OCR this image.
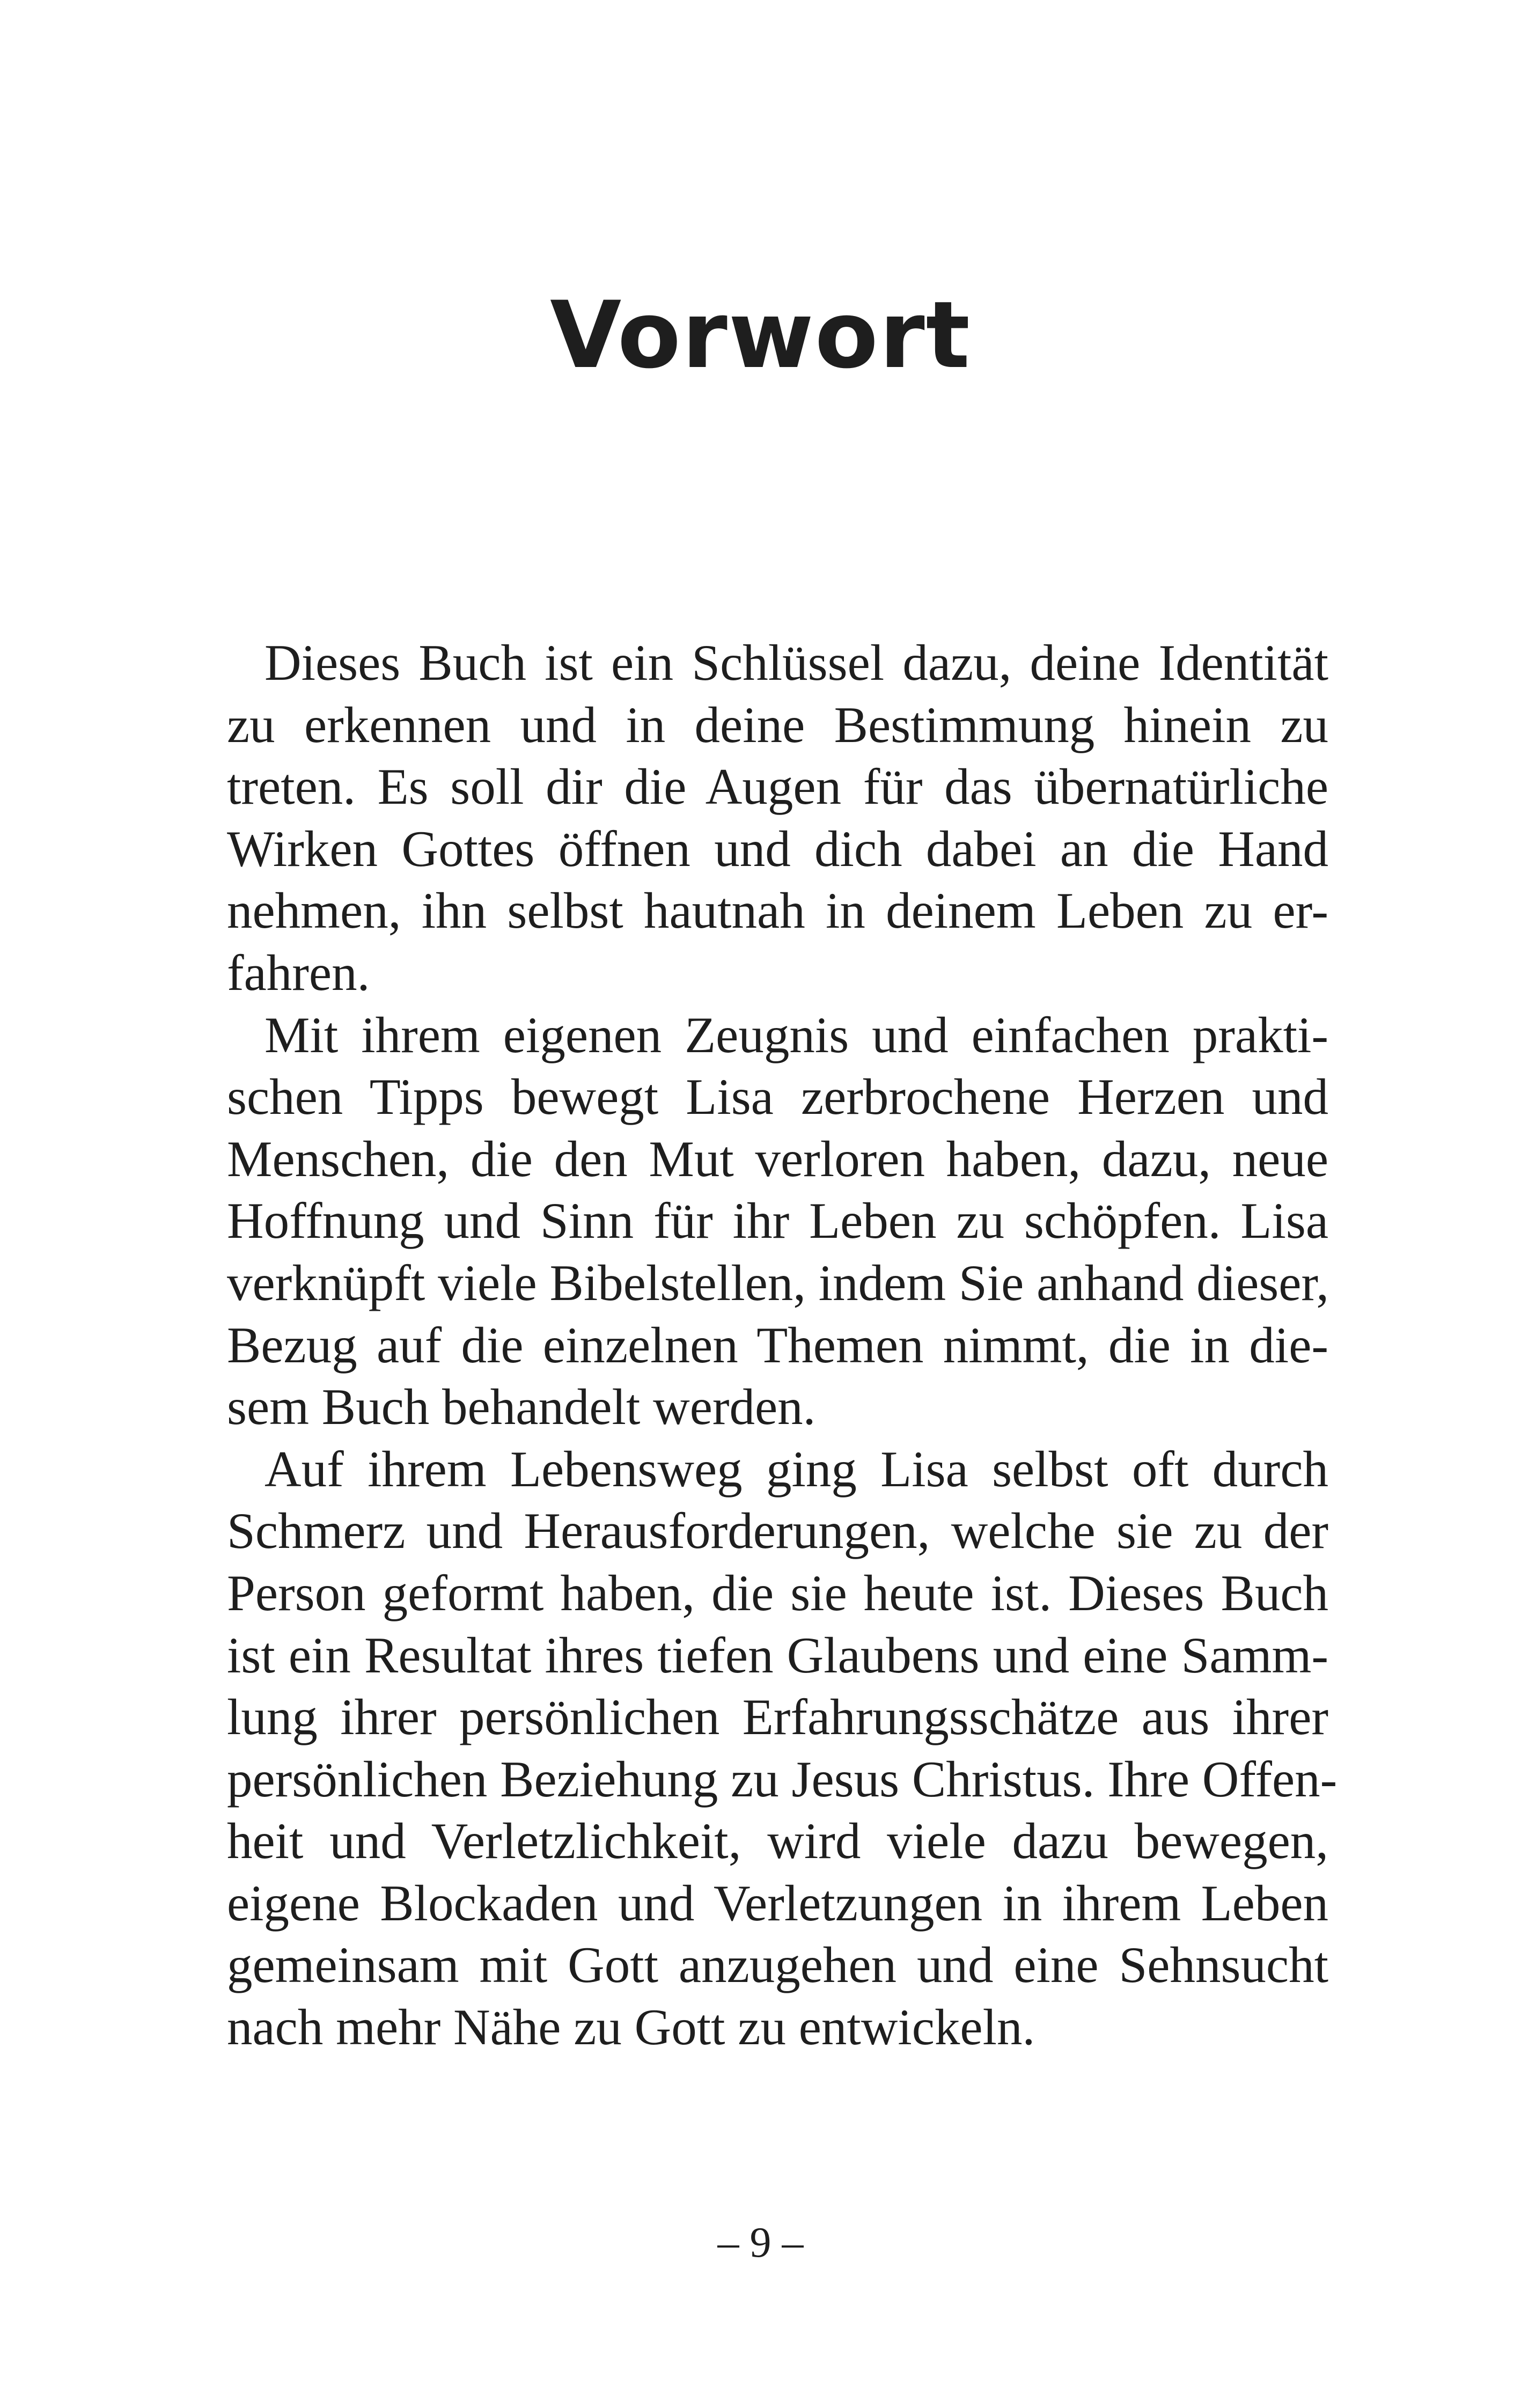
Vorwort

Dieses Buch ist ein Schlüssel dazu, deine Identität
zu erkennen und in deine Bestimmung hinein zu
treten. Es soll dir die Augen für das übernatürliche
Wirken Gottes öffnen und dich dabei an die Hand
nehmen, ihn selbst hautnah in deinem Leben zu er-
fahren.

Mit ihrem eigenen Zeugnis und einfachen prakti-
schen Tipps bewegt Lisa zerbrochene Herzen und
Menschen, die den Mut verloren haben, dazu, neue
Hoffnung und Sinn für ihr Leben zu schöpfen. Lisa
verknüpft viele Bibelstellen, indem Sie anhand dieser,
Bezug auf die einzelnen Themen nimmt, die in die-
sem Buch behandelt werden.

Auf ihrem Lebensweg ging Lisa selbst oft durch
Schmerz und Herausforderungen, welche sie zu der
Person geformt haben, die sie heute ist. Dieses Buch
ist ein Resultat ihres tiefen Glaubens und eine Samm-
lung ihrer persönlichen Erfahrungsschätze aus ihrer
persönlichen Beziehung zu Jesus Christus. Ihre Offen-
heit und Verletzlichkeit, wird viele dazu bewegen,
eigene Blockaden und Verletzungen in ihrem Leben
gemeinsam mit Gott anzugehen und eine Sehnsucht
nach mehr Nähe zu Gott zu entwickeln.

– 9 –
